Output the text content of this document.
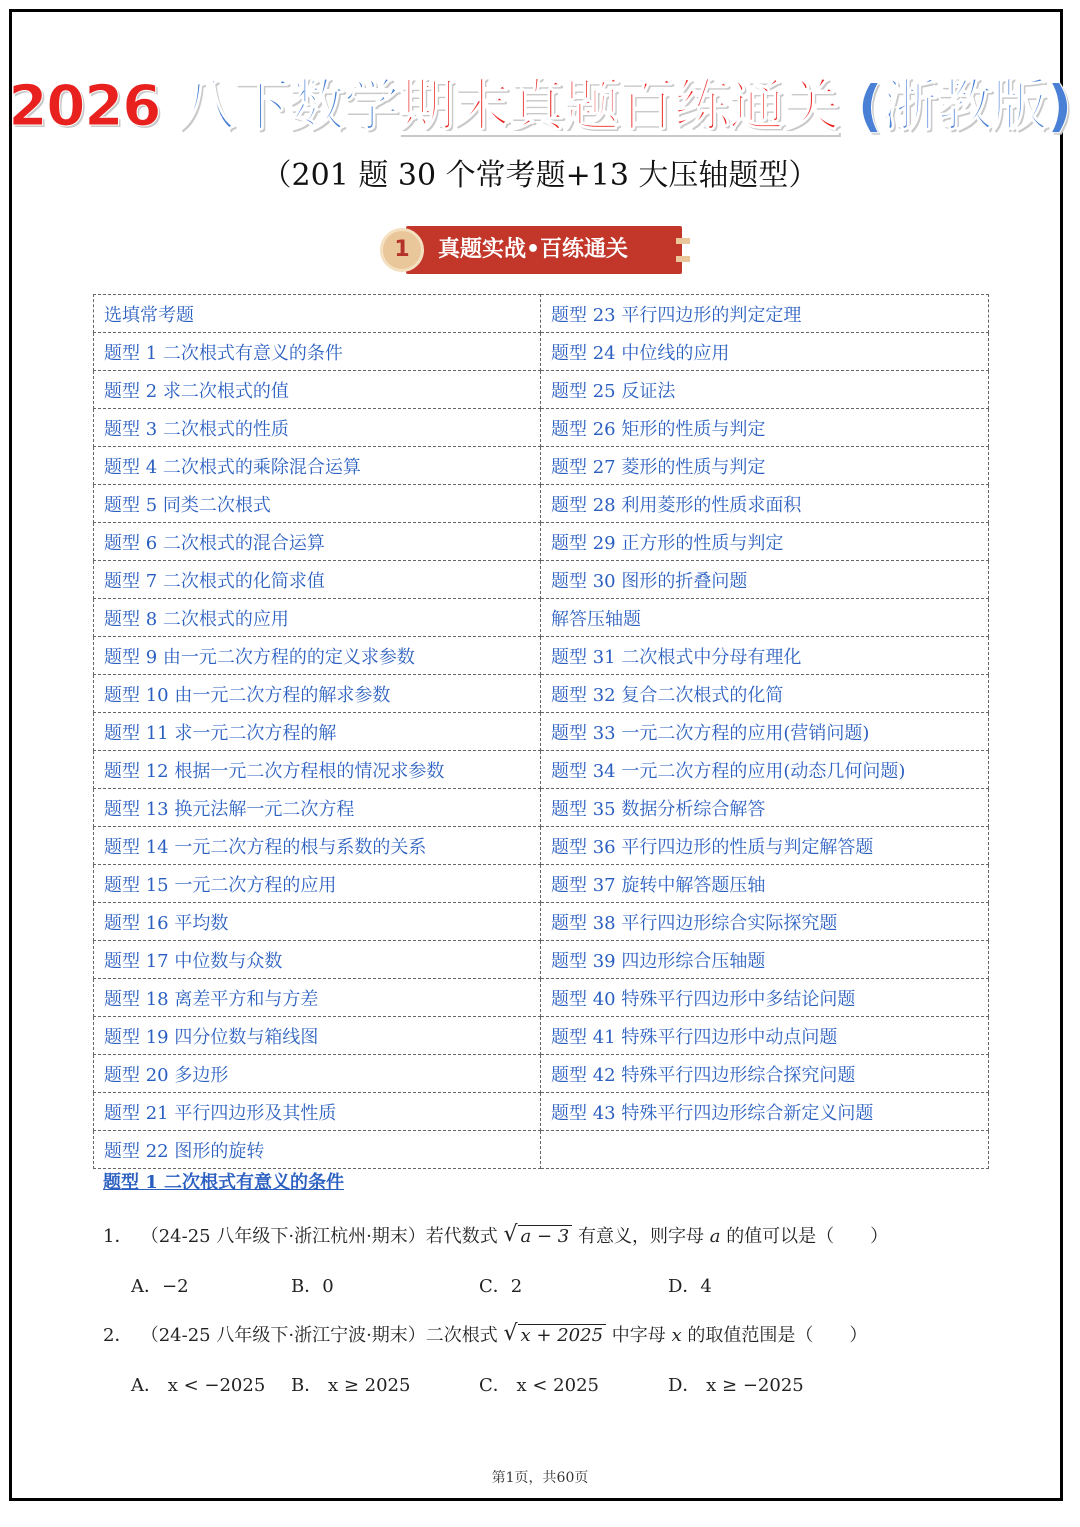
2026 八下数学期末真题百练通关 (浙教版)
（201 题 30 个常考题+13 大压轴题型）
1	真题实战•百练通关
选填常考题	题型 23 平行四边形的判定定理
题型 1 二次根式有意义的条件	题型 24 中位线的应用
题型 2 求二次根式的值	题型 25 反证法
题型 3 二次根式的性质	题型 26 矩形的性质与判定
题型 4 二次根式的乘除混合运算	题型 27 菱形的性质与判定
题型 5 同类二次根式	题型 28 利用菱形的性质求面积
题型 6 二次根式的混合运算	题型 29 正方形的性质与判定
题型 7 二次根式的化简求值	题型 30 图形的折叠问题
题型 8 二次根式的应用	解答压轴题
题型 9 由一元二次方程的的定义求参数	题型 31 二次根式中分母有理化
题型 10 由一元二次方程的解求参数	题型 32 复合二次根式的化简
题型 11 求一元二次方程的解	题型 33 一元二次方程的应用(营销问题)
题型 12 根据一元二次方程根的情况求参数	题型 34 一元二次方程的应用(动态几何问题)
题型 13 换元法解一元二次方程	题型 35 数据分析综合解答
题型 14 一元二次方程的根与系数的关系	题型 36 平行四边形的性质与判定解答题
题型 15 一元二次方程的应用	题型 37 旋转中解答题压轴
题型 16 平均数	题型 38 平行四边形综合实际探究题
题型 17 中位数与众数	题型 39 四边形综合压轴题
题型 18 离差平方和与方差	题型 40 特殊平行四边形中多结论问题
题型 19 四分位数与箱线图	题型 41 特殊平行四边形中动点问题
题型 20 多边形	题型 42 特殊平行四边形综合探究问题
题型 21 平行四边形及其性质	题型 43 特殊平行四边形综合新定义问题
题型 22 图形的旋转	
题型 1 二次根式有意义的条件
1． （24-25 八年级下·浙江杭州·期末）若代数式 √ a − 3 有意义，则字母 a 的值可以是（　　）
A．−2	B．0	C．2	D．4
2． （24-25 八年级下·浙江宁波·期末）二次根式 √ x + 2025 中字母 x 的取值范围是（　　）
A． x < −2025 B． x ≥ 2025	C． x < 2025	D． x ≥ −2025
第1页，共60页
